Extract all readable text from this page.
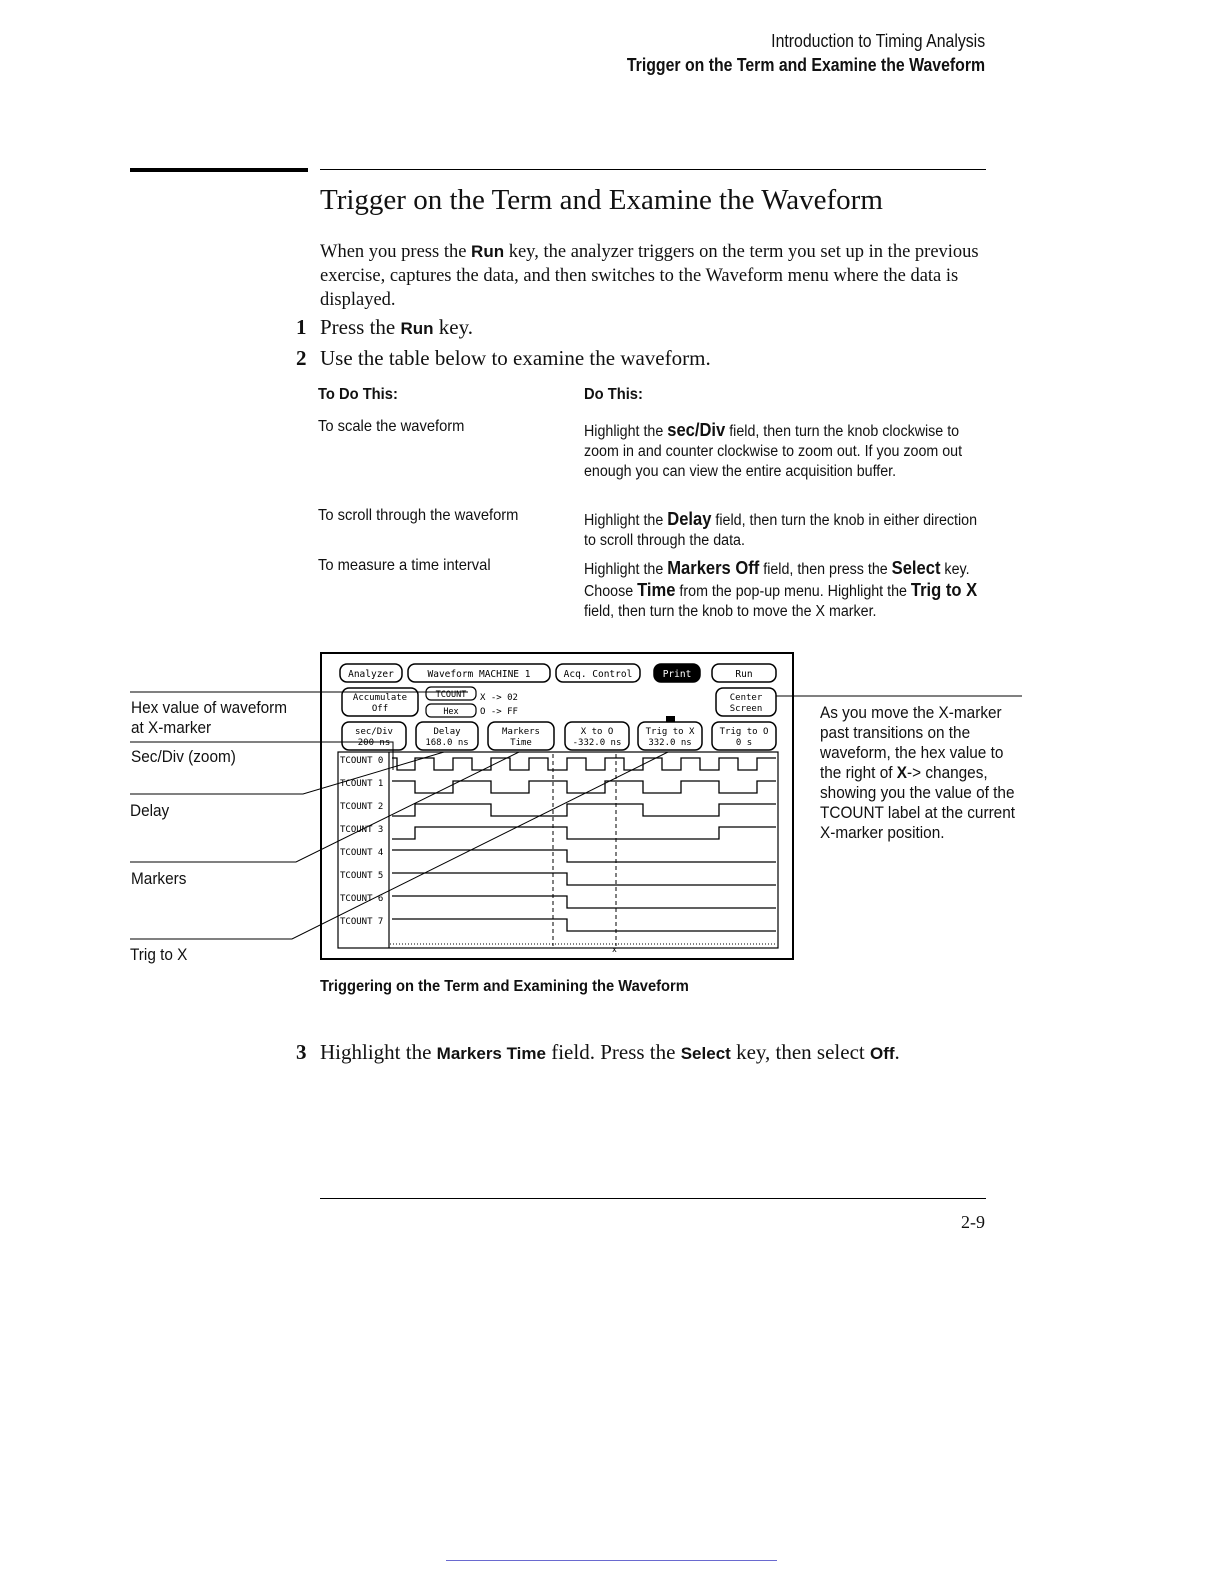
Introduction to Timing Analysis
Trigger on the Term and Examine the Waveform
Trigger on the Term and Examine the Waveform
When you press the Run key, the analyzer triggers on the term you set up in the previous exercise, captures the data, and then switches to the Waveform menu where the data is displayed.
1 Press the Run key.
2 Use the table below to examine the waveform.
To Do This:	Do This:
To scale the waveform	Highlight the sec/Div field, then turn the knob clockwise to zoom in and counter clockwise to zoom out. If you zoom out enough you can view the entire acquisition buffer.
To scroll through the waveform	Highlight the Delay field, then turn the knob in either direction to scroll through the data.
To measure a time interval	Highlight the Markers Off field, then press the Select key. Choose Time from the pop-up menu. Highlight the Trig to X field, then turn the knob to move the X marker.
Hex value of waveform
at X-marker
Sec/Div (zoom)
Delay
Markers
Trig to X
As you move the X-marker past transitions on the waveform, the hex value to the right of X-> changes, showing you the value of the TCOUNT label at the current X-marker position.
Analyzer	Waveform MACHINE 1	Acq. Control	Print	Run
Accumulate
Off
TCOUNT
Hex
X -> 02
O -> FF
Center
Screen
sec/Div
200 ns
Delay
168.0 ns
Markers
Time
X to O
-332.0 ns
Trig to X
332.0 ns
Trig to O
0 s
TCOUNT 0
TCOUNT 1
TCOUNT 2
TCOUNT 3
TCOUNT 4
TCOUNT 5
TCOUNT 6
TCOUNT 7
x
Triggering on the Term and Examining the Waveform
3 Highlight the Markers Time field. Press the Select key, then select Off.
2-9
